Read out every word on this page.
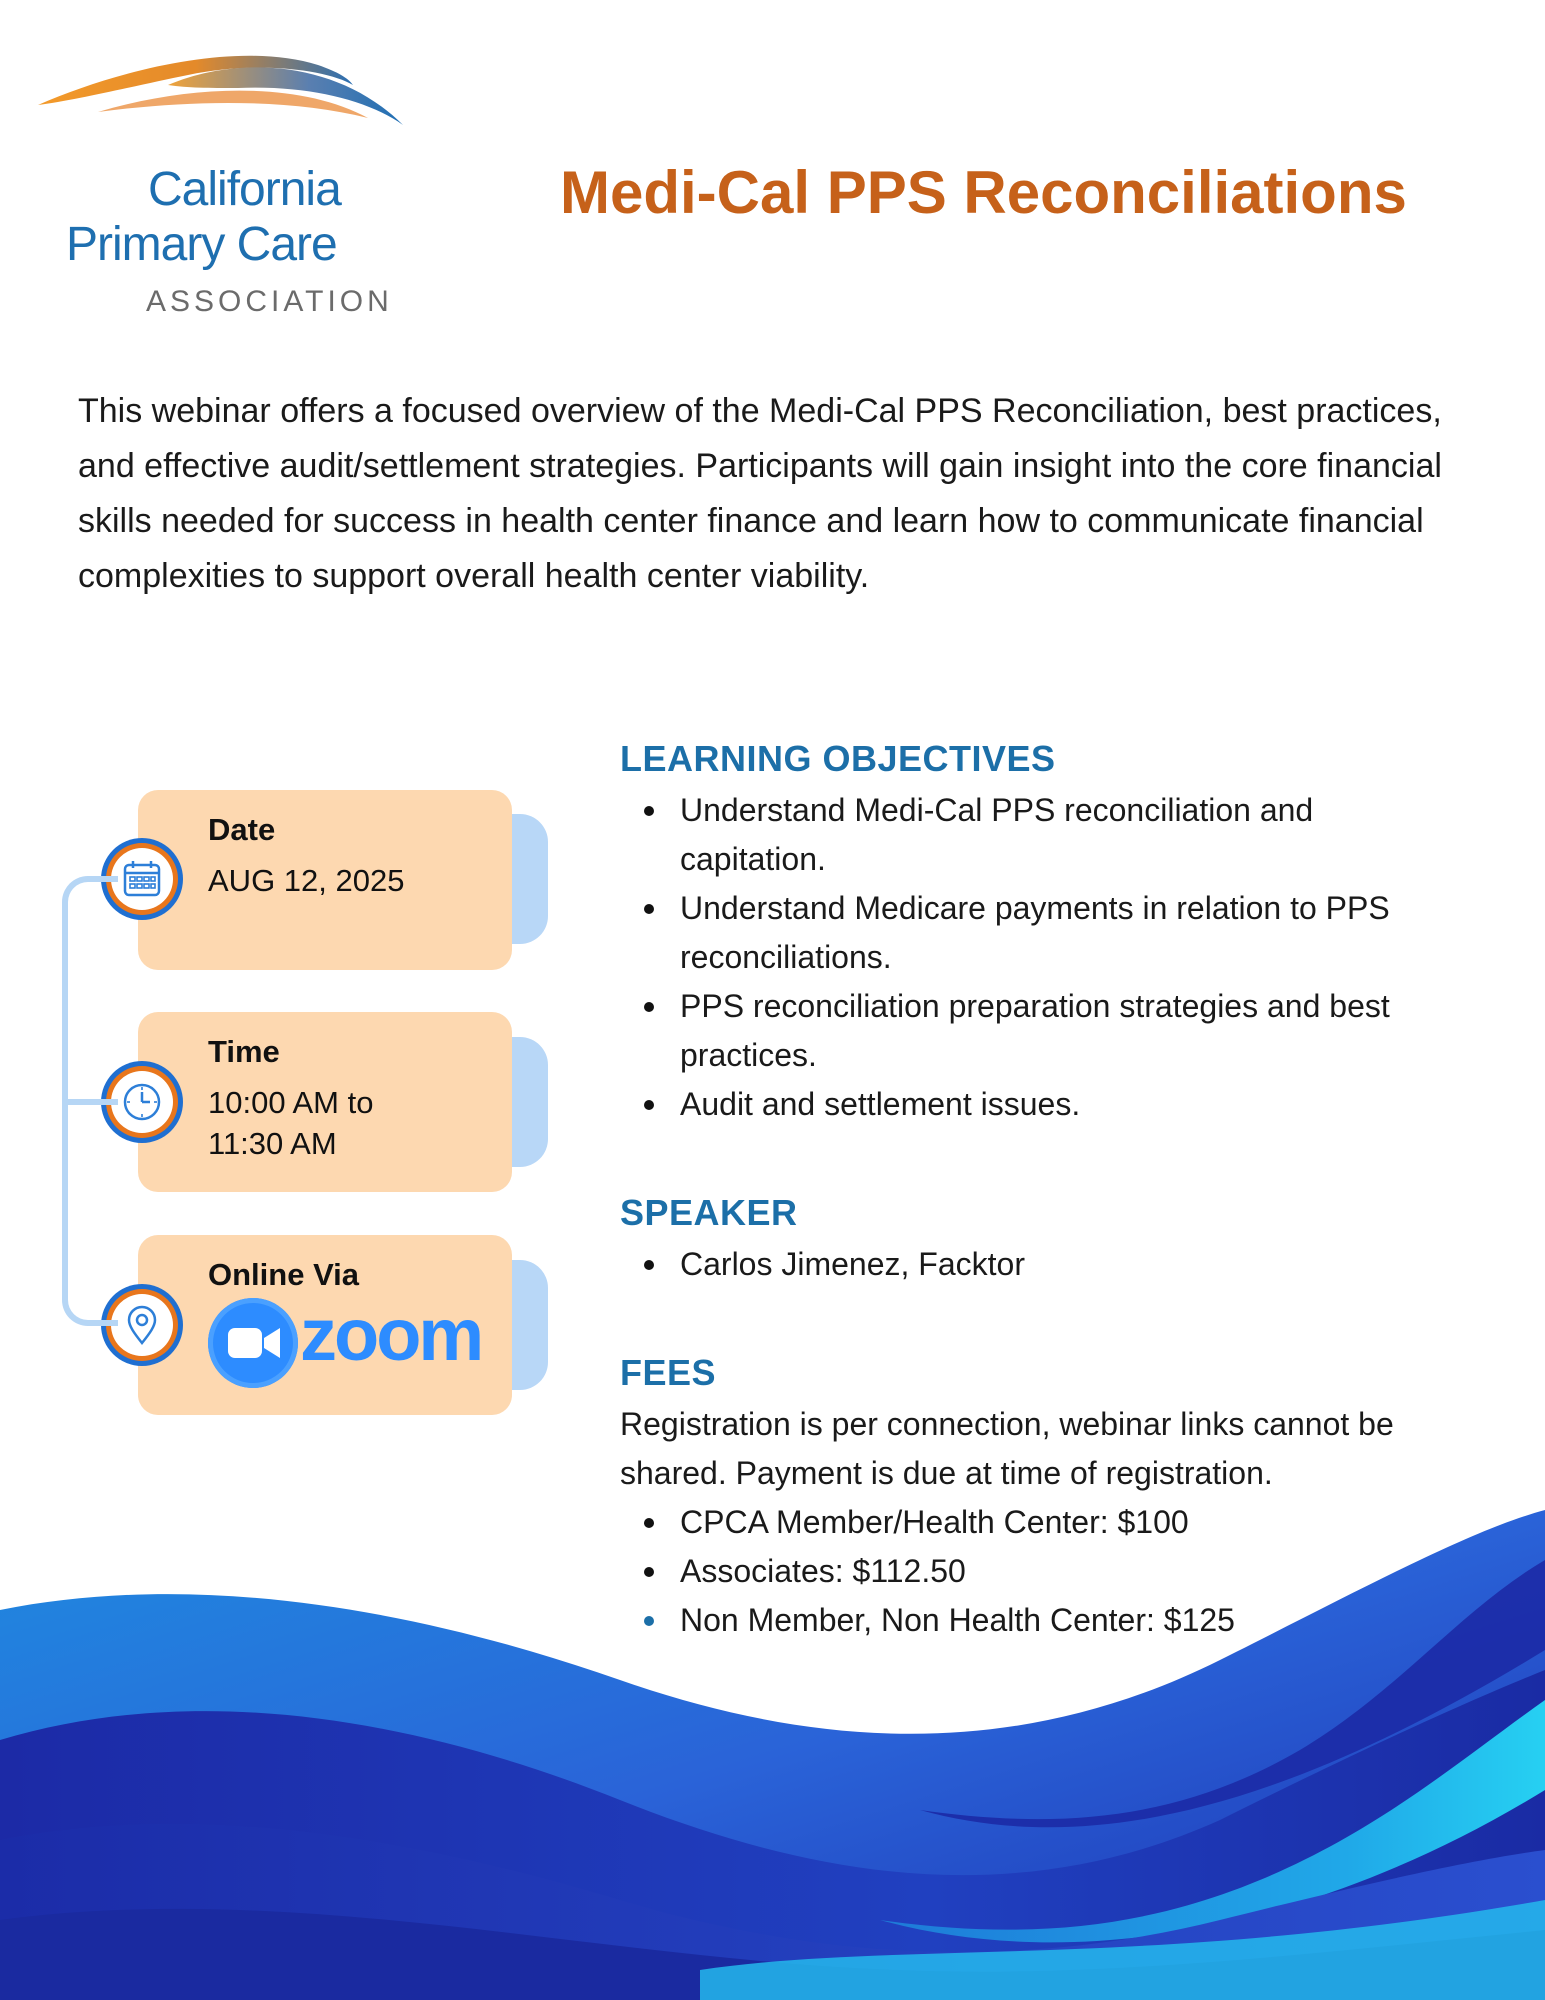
California
Primary Care
ASSOCIATION
Medi-Cal PPS Reconciliations
This webinar offers a focused overview of the Medi-Cal PPS Reconciliation, best practices, and effective audit/settlement strategies. Participants will gain insight into the core financial skills needed for success in health center finance and learn how to communicate financial complexities to support overall health center viability.
Date
AUG 12, 2025
Time
10:00 AM to
11:30 AM
Online Via
zoom
LEARNING OBJECTIVES
Understand Medi-Cal PPS reconciliation and
capitation.
Understand Medicare payments in relation to PPS
reconciliations.
PPS reconciliation preparation strategies and best
practices.
Audit and settlement issues.
SPEAKER
Carlos Jimenez, Facktor
FEES
Registration is per connection, webinar links cannot be
shared. Payment is due at time of registration.
CPCA Member/Health Center: $100
Associates: $112.50
Non Member, Non Health Center: $125
